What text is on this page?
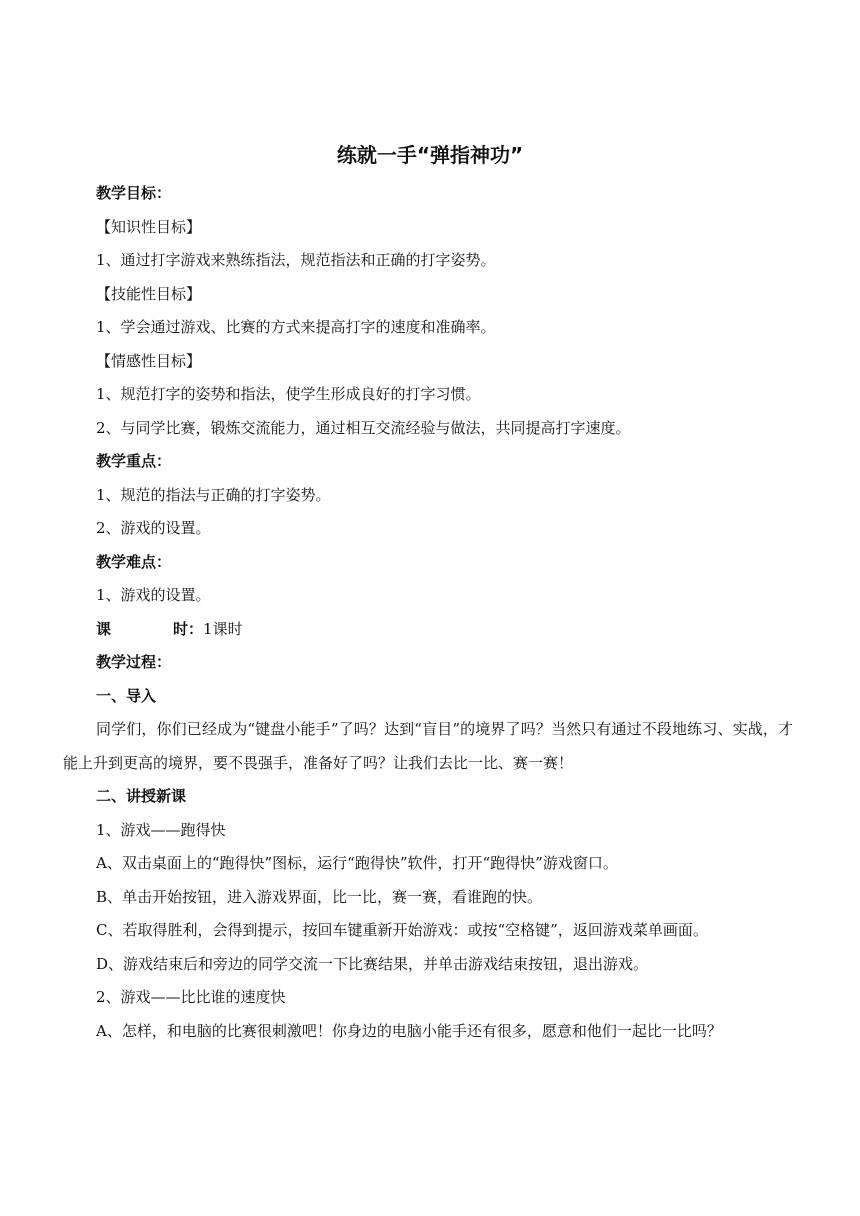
练就一手“弹指神功”

教学目标：

【知识性目标】

1、通过打字游戏来熟练指法，规范指法和正确的打字姿势。

【技能性目标】

1、学会通过游戏、比赛的方式来提高打字的速度和准确率。

【情感性目标】

1、规范打字的姿势和指法，使学生形成良好的打字习惯。

2、与同学比赛，锻炼交流能力，通过相互交流经验与做法，共同提高打字速度。

教学重点：

1、规范的指法与正确的打字姿势。

2、游戏的设置。

教学难点：

1、游戏的设置。

课	时：1课时

教学过程：

一、导入

同学们，你们已经成为“键盘小能手”了吗？达到“盲目”的境界了吗？当然只有通过不段地练习、实战，才能上升到更高的境界，要不畏强手，准备好了吗？让我们去比一比、赛一赛！

二、讲授新课

1、游戏——跑得快

A、双击桌面上的“跑得快”图标，运行“跑得快”软件，打开“跑得快”游戏窗口。

B、单击开始按钮，进入游戏界面，比一比，赛一赛，看谁跑的快。

C、若取得胜利，会得到提示，按回车键重新开始游戏：或按“空格键”，返回游戏菜单画面。

D、游戏结束后和旁边的同学交流一下比赛结果，并单击游戏结束按钮，退出游戏。

2、游戏——比比谁的速度快

A、怎样，和电脑的比赛很刺激吧！你身边的电脑小能手还有很多，愿意和他们一起比一比吗？
